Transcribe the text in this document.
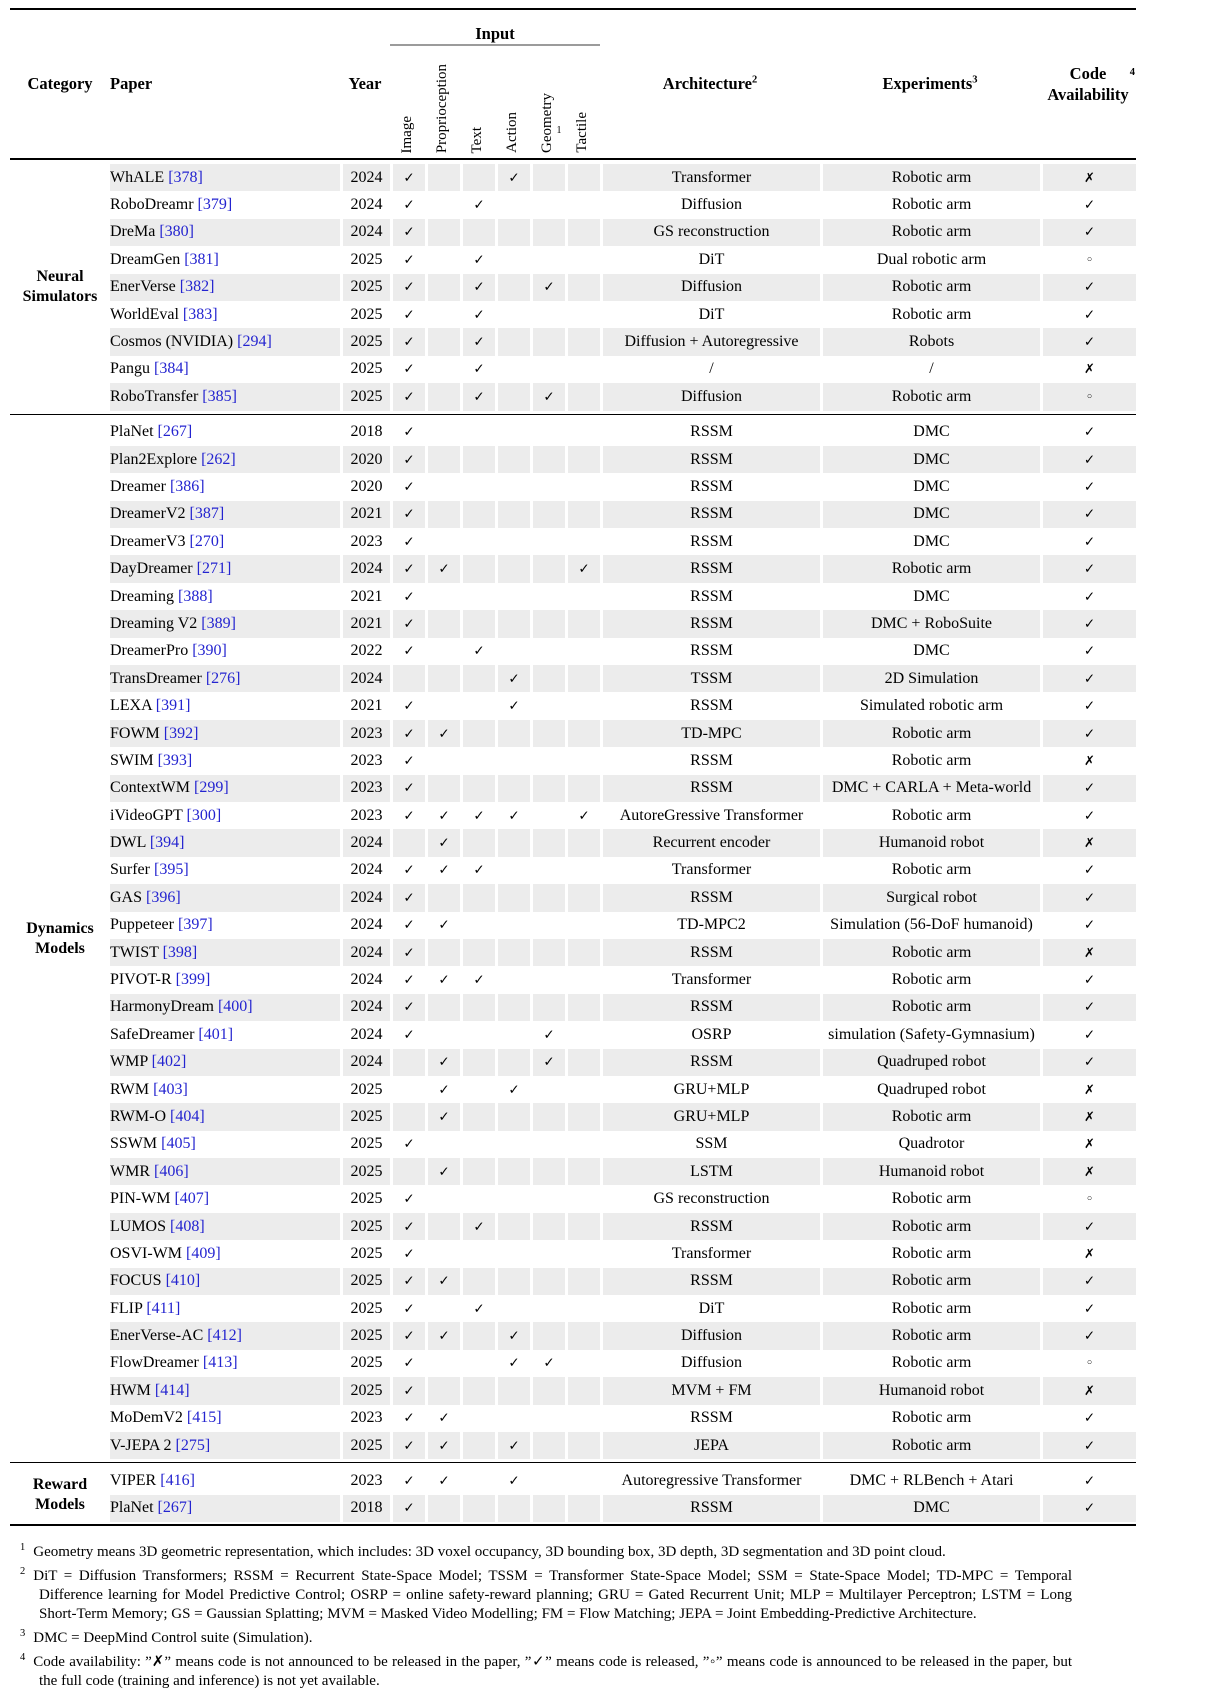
Category	Paper	Year	Input						Architecture$^2$	Experiments$^3$	Code
Availability
4

			Image	Proprioception	Text	Action	Geometry 1	Tactile			

Neural
Simulators	WhALE [378]	2024	✓			✓			Transformer	Robotic arm	✗
	RoboDreamr [379]	2024	✓		✓				Diffusion	Robotic arm	✓
	DreMa [380]	2024	✓						GS reconstruction	Robotic arm	✓
	DreamGen [381]	2025	✓		✓				DiT	Dual robotic arm	◦
	EnerVerse [382]	2025	✓		✓		✓		Diffusion	Robotic arm	✓
	WorldEval [383]	2025	✓		✓				DiT	Robotic arm	✓
	Cosmos (NVIDIA) [294]	2025	✓		✓				Diffusion + Autoregressive	Robots	✓
	Pangu [384]	2025	✓		✓				/	/	✗
	RoboTransfer [385]	2025	✓		✓		✓		Diffusion	Robotic arm	◦

Dynamics
Models	PlaNet [267]	2018	✓						RSSM	DMC	✓
	Plan2Explore [262]	2020	✓						RSSM	DMC	✓
	Dreamer [386]	2020	✓						RSSM	DMC	✓
	DreamerV2 [387]	2021	✓						RSSM	DMC	✓
	DreamerV3 [270]	2023	✓						RSSM	DMC	✓
	DayDreamer [271]	2024	✓	✓				✓	RSSM	Robotic arm	✓
	Dreaming [388]	2021	✓						RSSM	DMC	✓
	Dreaming V2 [389]	2021	✓						RSSM	DMC + RoboSuite	✓
	DreamerPro [390]	2022	✓		✓				RSSM	DMC	✓
	TransDreamer [276]	2024				✓			TSSM	2D Simulation	✓
	LEXA [391]	2021	✓			✓			RSSM	Simulated robotic arm	✓
	FOWM [392]	2023	✓	✓					TD-MPC	Robotic arm	✓
	SWIM [393]	2023	✓						RSSM	Robotic arm	✗
	ContextWM [299]	2023	✓						RSSM	DMC + CARLA + Meta-world	✓
	iVideoGPT [300]	2023	✓	✓	✓	✓		✓	AutoreGressive Transformer	Robotic arm	✓
	DWL [394]	2024		✓					Recurrent encoder	Humanoid robot	✗
	Surfer [395]	2024	✓	✓	✓				Transformer	Robotic arm	✓
	GAS [396]	2024	✓						RSSM	Surgical robot	✓
	Puppeteer [397]	2024	✓	✓					TD-MPC2	Simulation (56-DoF humanoid)	✓
	TWIST [398]	2024	✓						RSSM	Robotic arm	✗
	PIVOT-R [399]	2024	✓	✓	✓				Transformer	Robotic arm	✓
	HarmonyDream [400]	2024	✓						RSSM	Robotic arm	✓
	SafeDreamer [401]	2024	✓				✓		OSRP	simulation (Safety-Gymnasium)	✓
	WMP [402]	2024		✓			✓		RSSM	Quadruped robot	✓
	RWM [403]	2025		✓		✓			GRU+MLP	Quadruped robot	✗
	RWM-O [404]	2025		✓					GRU+MLP	Robotic arm	✗
	SSWM [405]	2025	✓						SSM	Quadrotor	✗
	WMR [406]	2025		✓					LSTM	Humanoid robot	✗
	PIN-WM [407]	2025	✓						GS reconstruction	Robotic arm	◦
	LUMOS [408]	2025	✓		✓				RSSM	Robotic arm	✓
	OSVI-WM [409]	2025	✓						Transformer	Robotic arm	✗
	FOCUS [410]	2025	✓	✓					RSSM	Robotic arm	✓
	FLIP [411]	2025	✓		✓				DiT	Robotic arm	✓
	EnerVerse-AC [412]	2025	✓	✓		✓			Diffusion	Robotic arm	✓
	FlowDreamer [413]	2025	✓			✓	✓		Diffusion	Robotic arm	◦
	HWM [414]	2025	✓						MVM + FM	Humanoid robot	✗
	MoDemV2 [415]	2023	✓	✓					RSSM	Robotic arm	✓
	V-JEPA 2 [275]	2025	✓	✓		✓			JEPA	Robotic arm	✓

Reward
Models	VIPER [416]	2023	✓	✓		✓			Autoregressive Transformer	DMC + RLBench + Atari	✓
	PlaNet [267]	2018	✓						RSSM	DMC	✓

$^1$ Geometry means 3D geometric representation, which includes: 3D voxel occupancy, 3D bounding box, 3D depth, 3D segmentation and 3D point cloud.
$^2$ DiT = Diffusion Transformers; RSSM = Recurrent State-Space Model; TSSM = Transformer State-Space Model; SSM = State-Space Model; TD-MPC = Temporal Difference learning for Model Predictive Control; OSRP = online safety-reward planning; GRU = Gated Recurrent Unit; MLP = Multilayer Perceptron; LSTM = Long Short-Term Memory; GS = Gaussian Splatting; MVM = Masked Video Modelling; FM = Flow Matching; JEPA = Joint Embedding-Predictive Architecture.
$^3$ DMC = DeepMind Control suite (Simulation).
$^4$ Code availability: ”✗” means code is not announced to be released in the paper, ”✓” means code is released, ”◦” means code is announced to be released in the paper, but the full code (training and inference) is not yet available.
